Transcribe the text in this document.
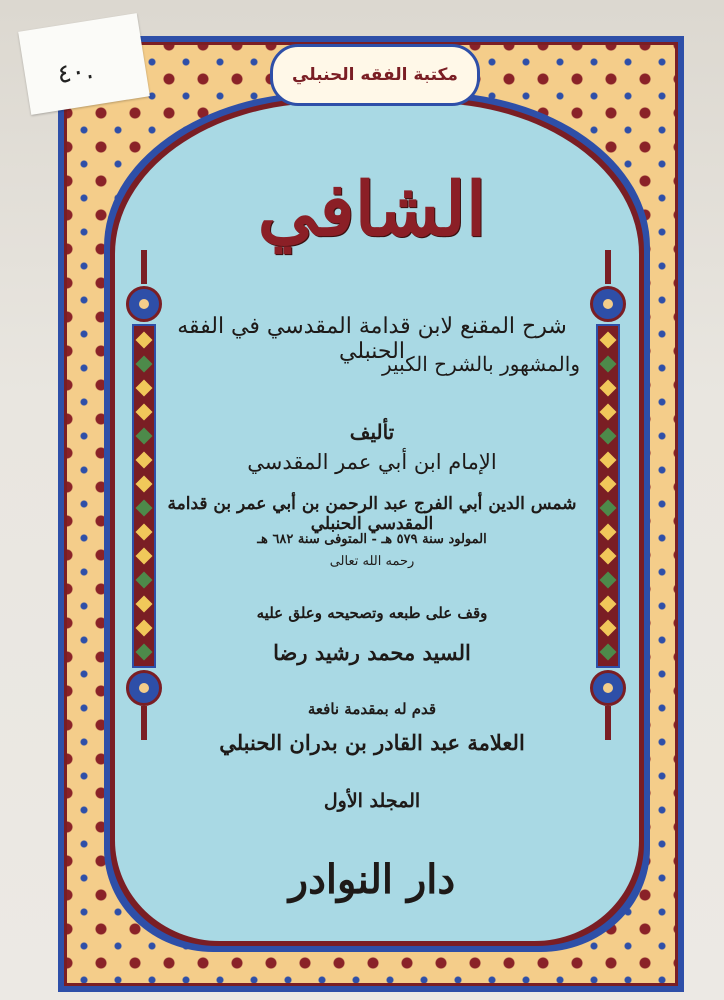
٤٠.	مكتبة الفقه الحنبلي
الشافي
شرح المقنع لابن قدامة المقدسي في الفقه الحنبلي
والمشهور بالشرح الكبير
تأليف
الإمام ابن أبي عمر المقدسي
شمس الدين أبي الفرج عبد الرحمن بن أبي عمر بن قدامة المقدسي الحنبلي
المولود سنة ٥٧٩ هـ - المتوفى سنة ٦٨٢ هـ
رحمه الله تعالى
وقف على طبعه وتصحيحه وعلق عليه
السيد محمد رشيد رضا
قدم له بمقدمة نافعة
العلامة عبد القادر بن بدران الحنبلي
المجلد الأول
دار النوادر
